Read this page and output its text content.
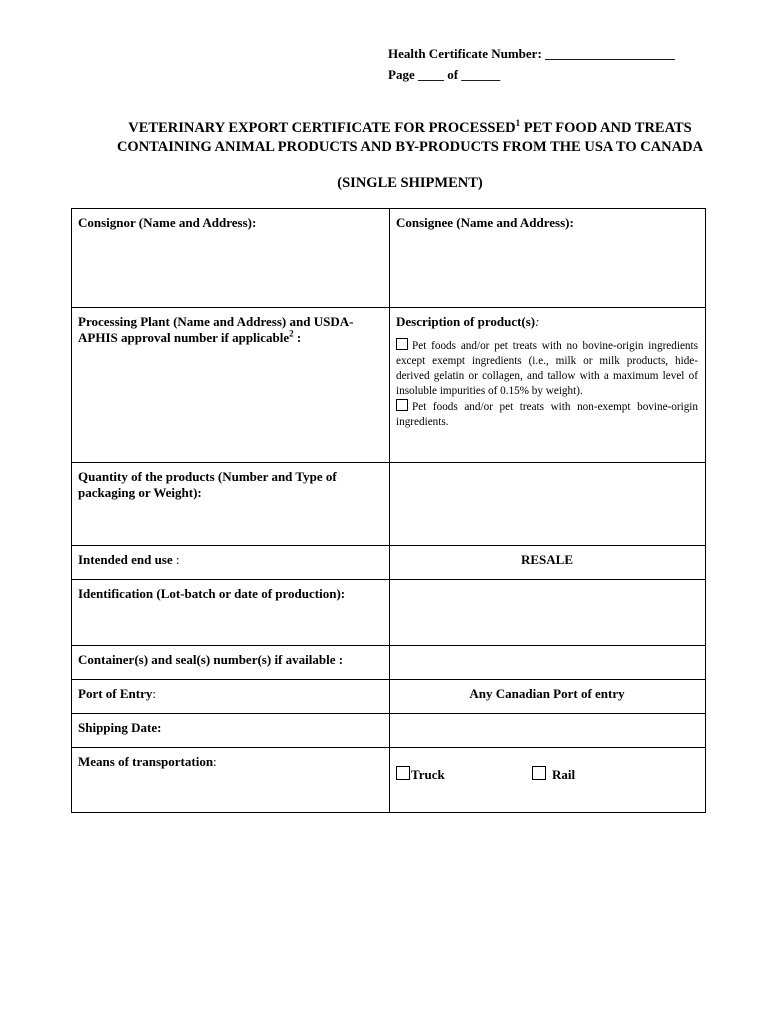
Health Certificate Number: ____________________
Page ____ of ______
VETERINARY EXPORT CERTIFICATE FOR PROCESSED$^1$ PET FOOD AND TREATS
CONTAINING ANIMAL PRODUCTS AND BY-PRODUCTS FROM THE USA TO CANADA
(SINGLE SHIPMENT)
Consignor (Name and Address):	Consignee (Name and Address):
Processing Plant (Name and Address) and USDA-APHIS approval number if applicable$^2$ :	Description of product(s):
Pet foods and/or pet treats with no bovine-origin ingredients except exempt ingredients (i.e., milk or milk products, hide-derived gelatin or collagen, and tallow with a maximum level of insoluble impurities of 0.15% by weight).
Pet foods and/or pet treats with non-exempt bovine-origin ingredients.

Quantity of the products (Number and Type of packaging or Weight):	
Intended end use :	RESALE
Identification (Lot-batch or date of production):	
Container(s) and seal(s) number(s) if available :	
Port of Entry:	Any Canadian Port of entry
Shipping Date:	
Means of transportation:	Truck Rail
